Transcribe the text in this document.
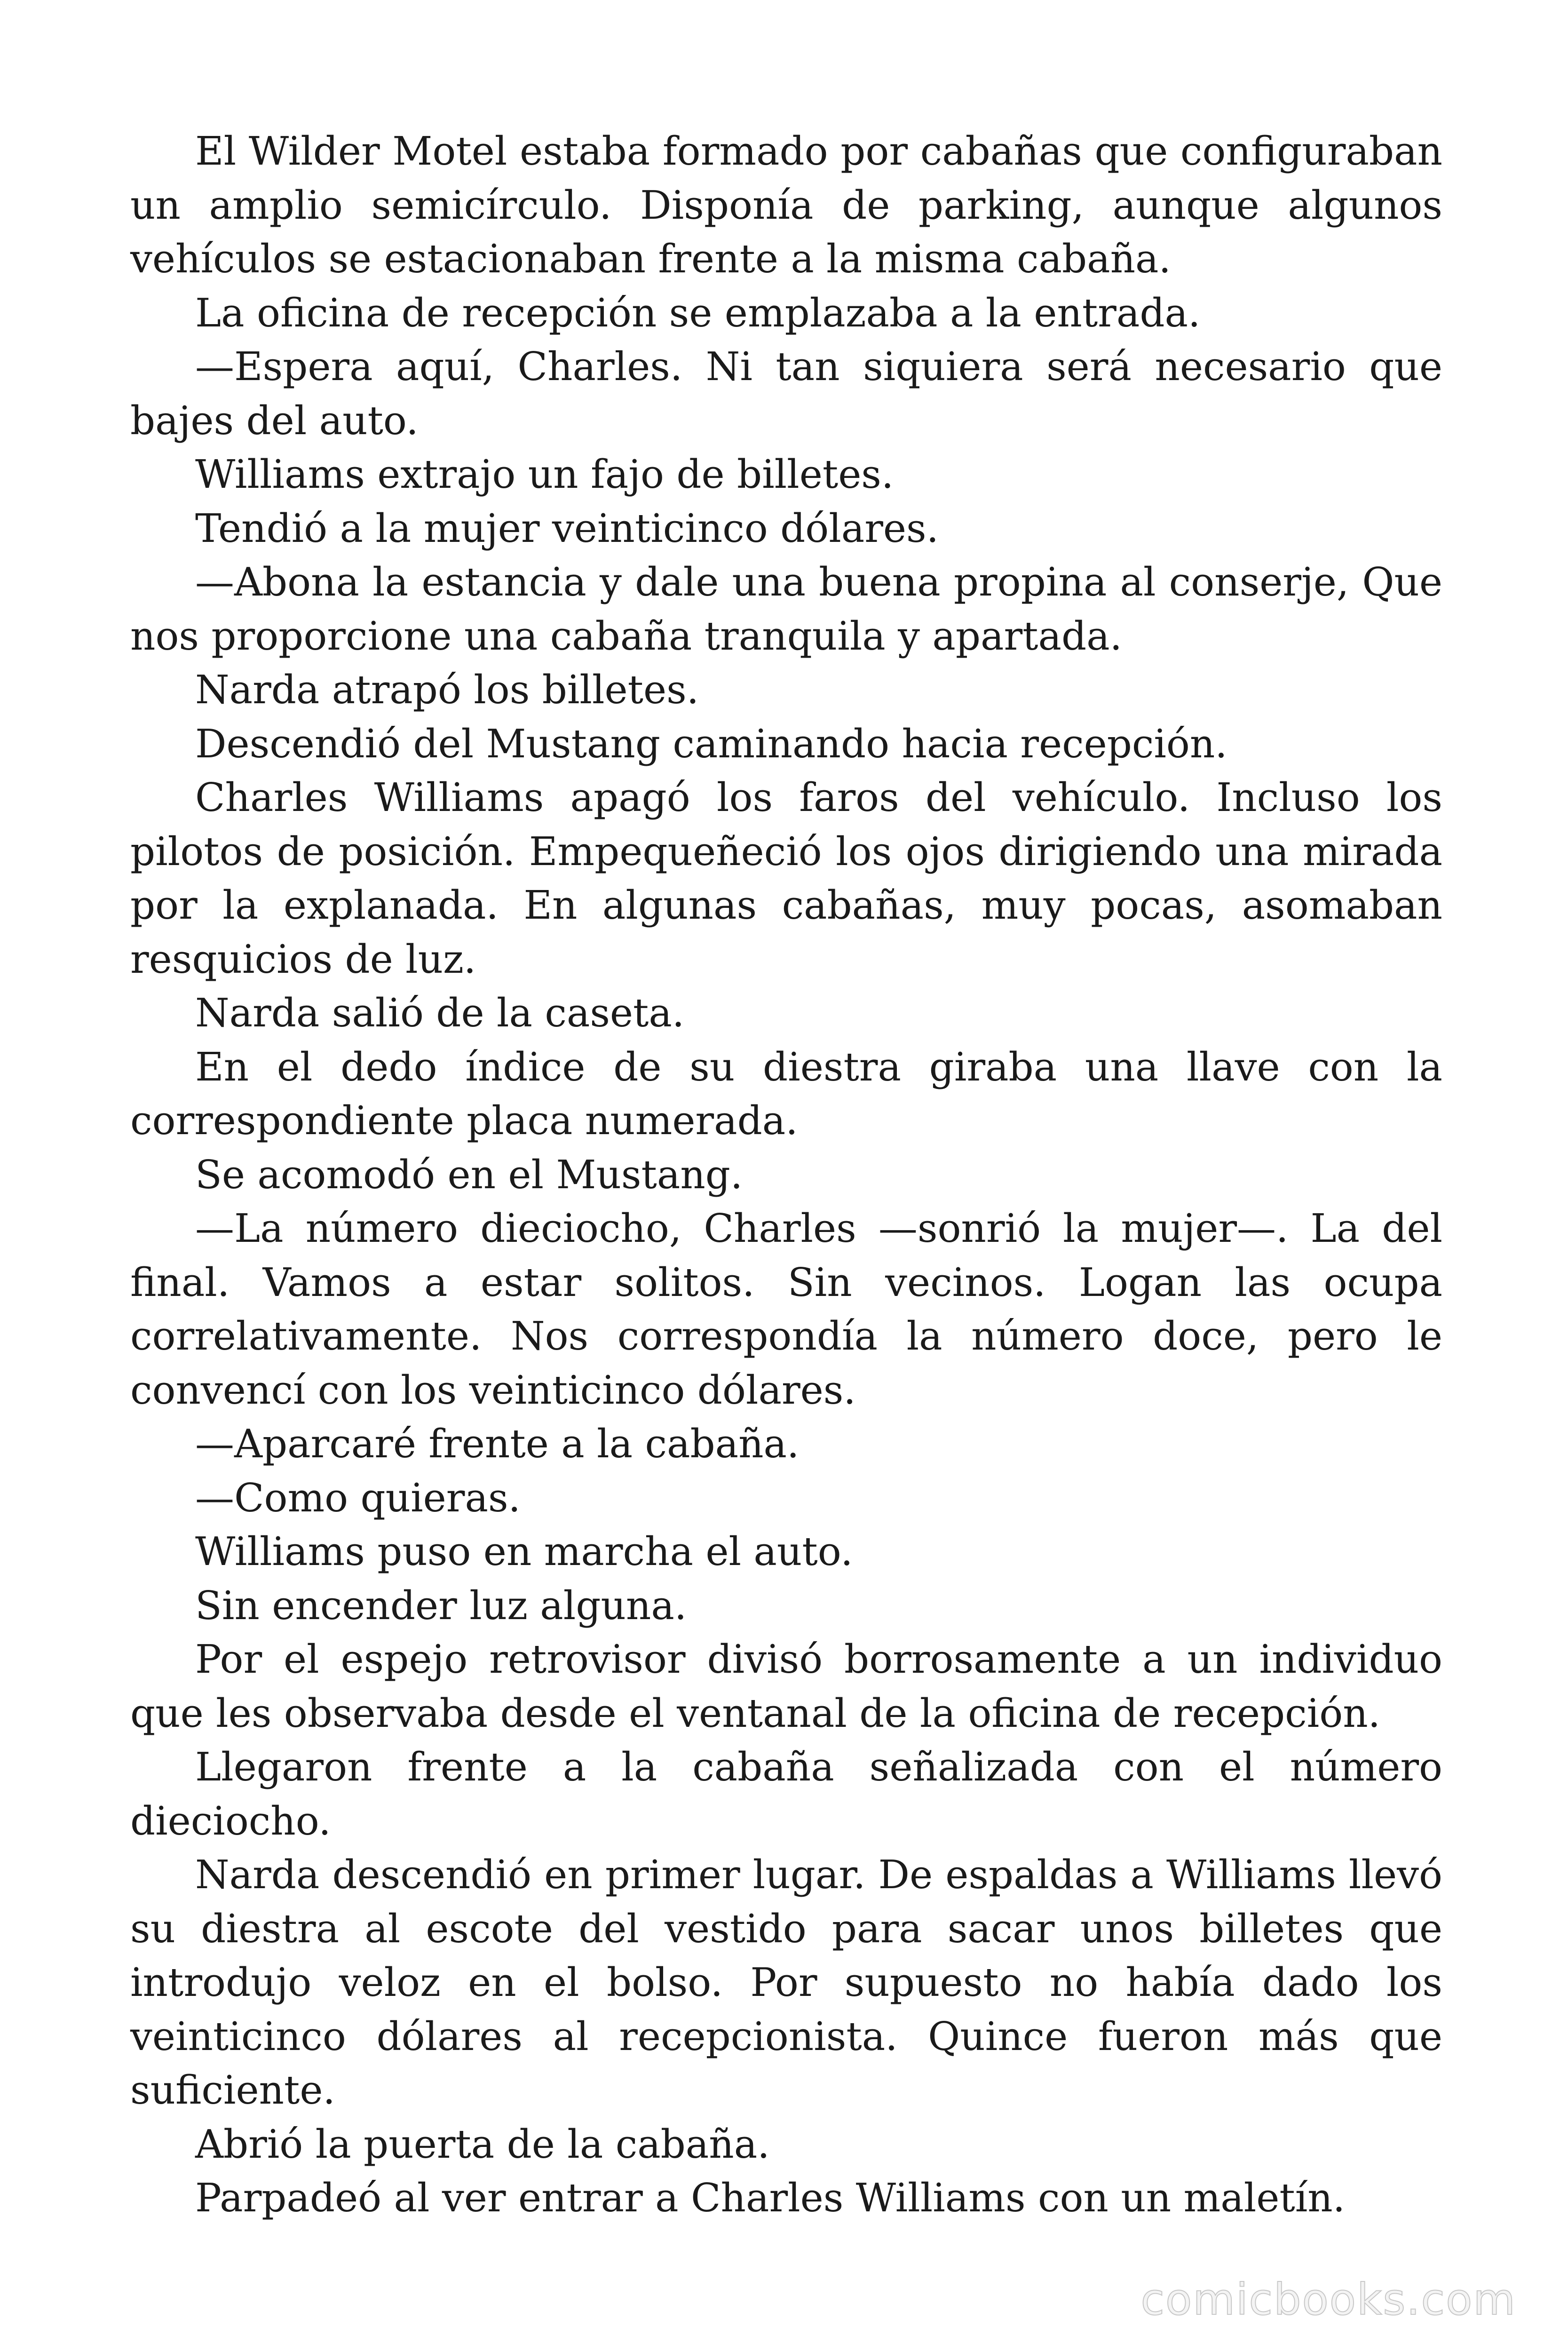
El Wilder Motel estaba formado por cabañas que configuraban un amplio semicírculo. Disponía de parking, aunque algunos vehículos se estacionaban frente a la misma cabaña.

La oficina de recepción se emplazaba a la entrada.

—Espera aquí, Charles. Ni tan siquiera será necesario que bajes del auto.

Williams extrajo un fajo de billetes.

Tendió a la mujer veinticinco dólares.

—Abona la estancia y dale una buena propina al conserje, Que nos proporcione una cabaña tranquila y apartada.

Narda atrapó los billetes.

Descendió del Mustang caminando hacia recepción.

Charles Williams apagó los faros del vehículo. Incluso los pilotos de posición. Empequeñeció los ojos dirigiendo una mirada por la explanada. En algunas cabañas, muy pocas, asomaban resquicios de luz.

Narda salió de la caseta.

En el dedo índice de su diestra giraba una llave con la correspondiente placa numerada.

Se acomodó en el Mustang.

—La número dieciocho, Charles —sonrió la mujer—. La del final. Vamos a estar solitos. Sin vecinos. Logan las ocupa correlativamente. Nos correspondía la número doce, pero le convencí con los veinticinco dólares.

—Aparcaré frente a la cabaña.

—Como quieras.

Williams puso en marcha el auto.

Sin encender luz alguna.

Por el espejo retrovisor divisó borrosamente a un individuo que les observaba desde el ventanal de la oficina de recepción.

Llegaron frente a la cabaña señalizada con el número dieciocho.

Narda descendió en primer lugar. De espaldas a Williams llevó su diestra al escote del vestido para sacar unos billetes que introdujo veloz en el bolso. Por supuesto no había dado los veinticinco dólares al recepcionista. Quince fueron más que suficiente.

Abrió la puerta de la cabaña.

Parpadeó al ver entrar a Charles Williams con un maletín.

comicbooks.com
